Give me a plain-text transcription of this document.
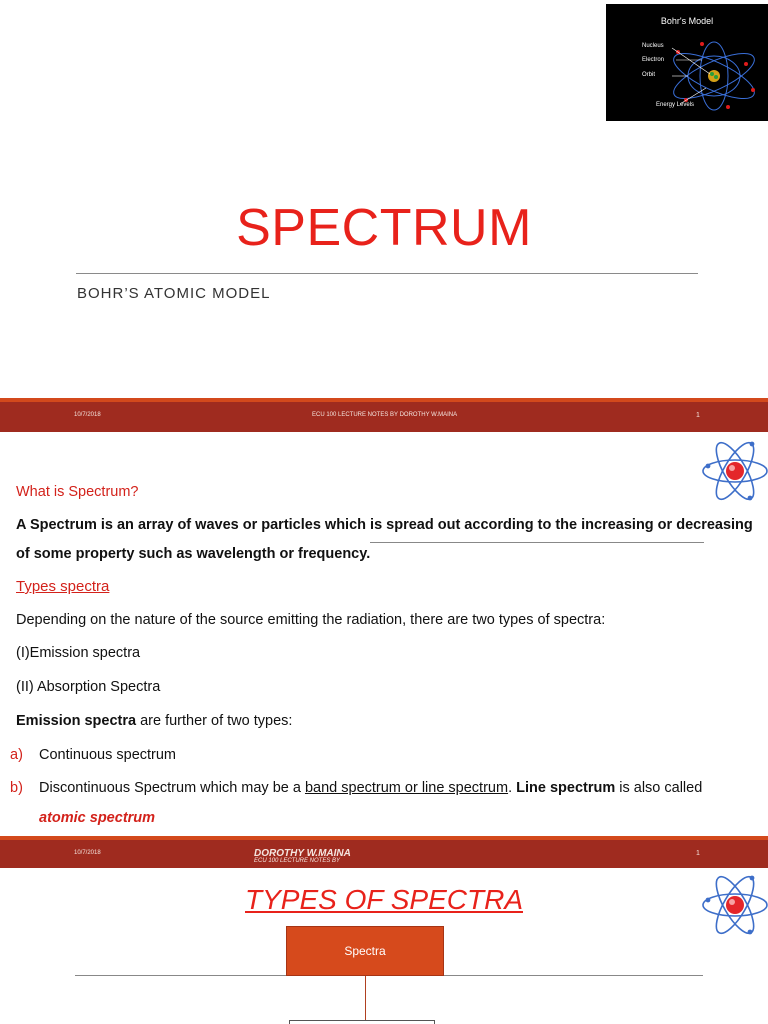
Bohr's Model
Nucleus
Electron
Orbit
Energy Levels
SPECTRUM
BOHR’S ATOMIC MODEL
10/7/2018	ECU 100 LECTURE NOTES BY DOROTHY W.MAINA	1
What is Spectrum?
A Spectrum is an array of waves or particles which is spread out according to the increasing or decreasing of some property such as wavelength or frequency.
Types spectra
Depending on the nature of the source emitting the radiation, there are two types of spectra:
(I)Emission spectra
(II) Absorption Spectra
Emission spectra are further of two types:
a) Continuous spectrum
b) Discontinuous Spectrum which may be a band spectrum or line spectrum. Line spectrum is also called
atomic spectrum
10/7/2018
ECU 100 LECTURE NOTES BY
DOROTHY W.MAINA	1
TYPES OF SPECTRA
Spectra
